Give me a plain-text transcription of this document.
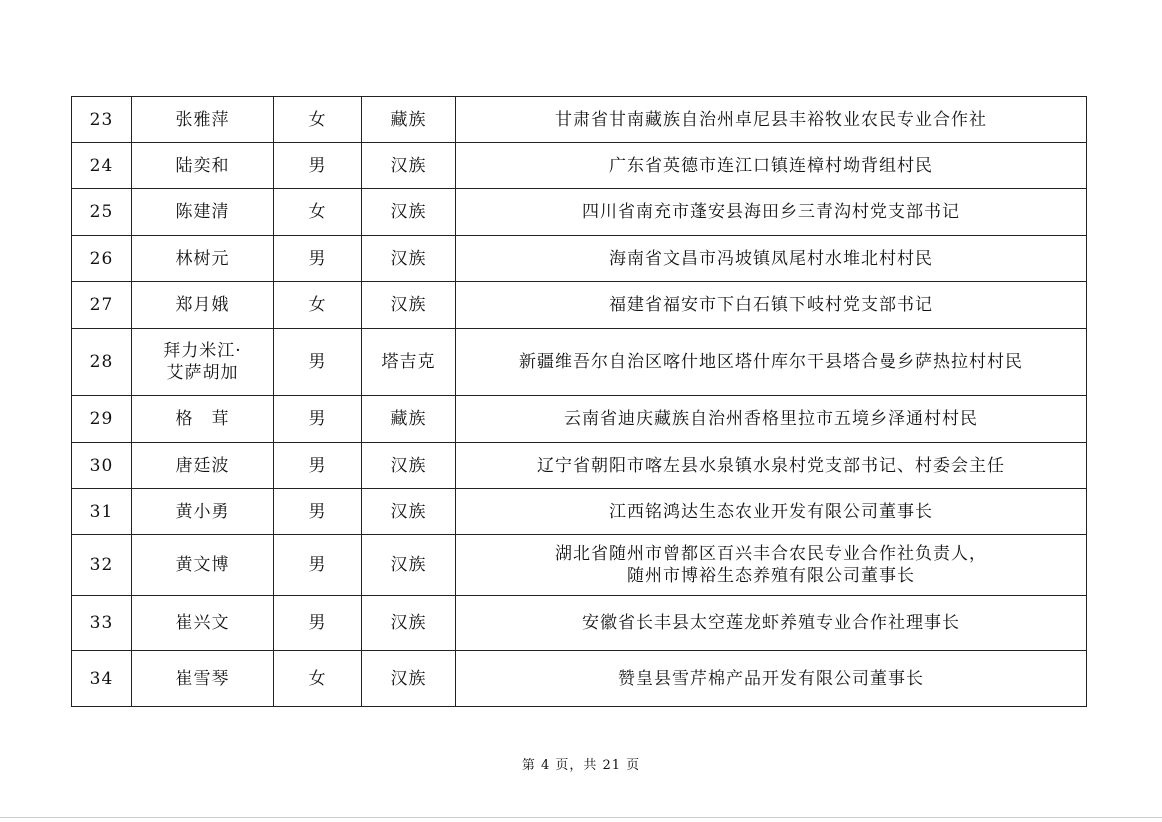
23	张雅萍	女	藏族	甘肃省甘南藏族自治州卓尼县丰裕牧业农民专业合作社
24	陆奕和	男	汉族	广东省英德市连江口镇连樟村坳背组村民
25	陈建清	女	汉族	四川省南充市蓬安县海田乡三青沟村党支部书记
26	林树元	男	汉族	海南省文昌市冯坡镇凤尾村水堆北村村民
27	郑月娥	女	汉族	福建省福安市下白石镇下岐村党支部书记
28	拜力米江·
艾萨胡加	男	塔吉克	新疆维吾尔自治区喀什地区塔什库尔干县塔合曼乡萨热拉村村民
29	格　茸	男	藏族	云南省迪庆藏族自治州香格里拉市五境乡泽通村村民
30	唐廷波	男	汉族	辽宁省朝阳市喀左县水泉镇水泉村党支部书记、村委会主任
31	黄小勇	男	汉族	江西铭鸿达生态农业开发有限公司董事长
32	黄文博	男	汉族	湖北省随州市曾都区百兴丰合农民专业合作社负责人，
随州市博裕生态养殖有限公司董事长
33	崔兴文	男	汉族	安徽省长丰县太空莲龙虾养殖专业合作社理事长
34	崔雪琴	女	汉族	赞皇县雪芹棉产品开发有限公司董事长
第 4 页，共 21 页
